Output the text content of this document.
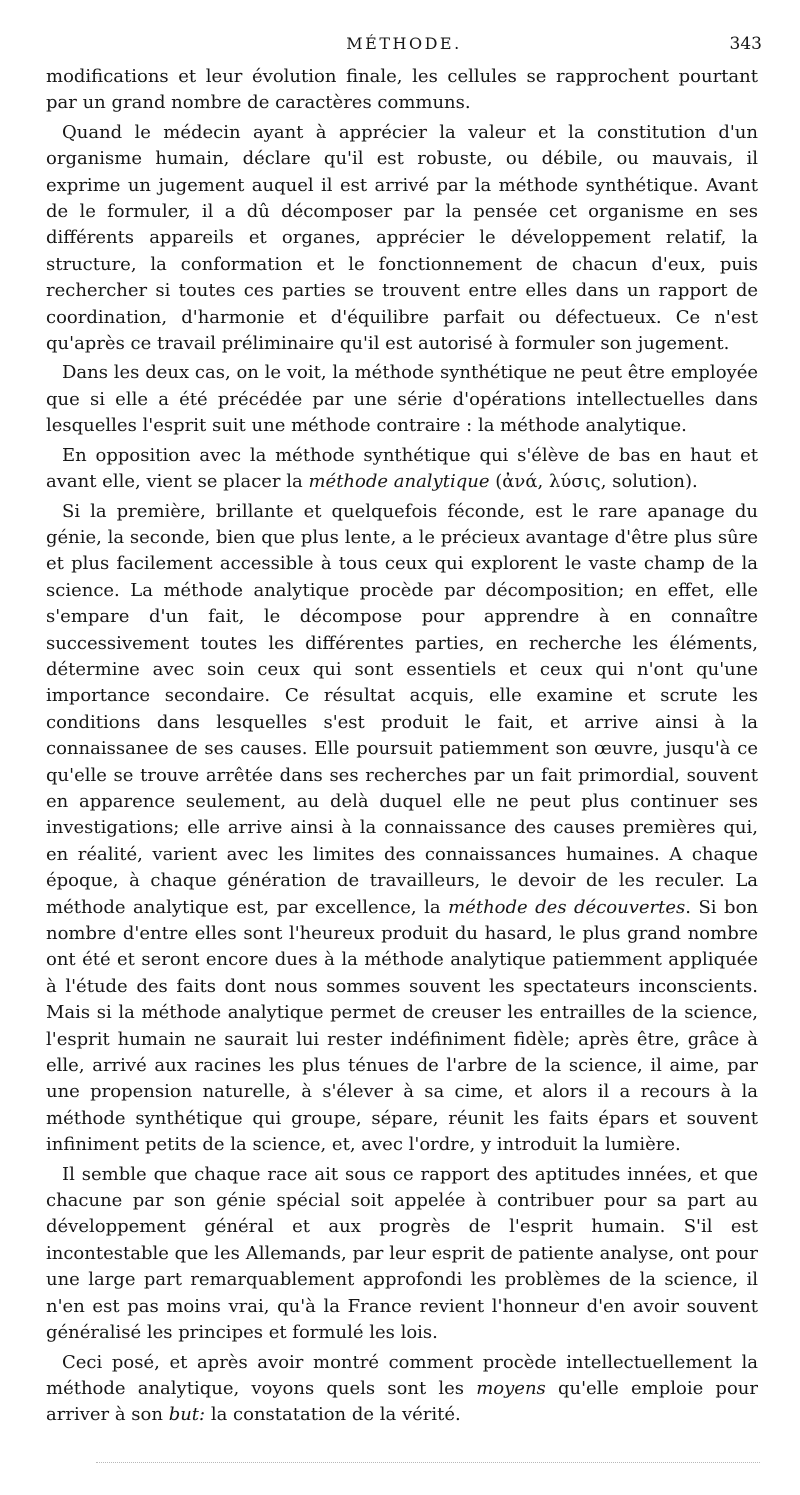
MÉTHODE.	343

modifications et leur évolution finale, les cellules se rapprochent pourtant par un grand nombre de caractères communs.

Quand le médecin ayant à apprécier la valeur et la constitution d'un organisme humain, déclare qu'il est robuste, ou débile, ou mauvais, il exprime un jugement auquel il est arrivé par la méthode synthétique. Avant de le formuler, il a dû décomposer par la pensée cet organisme en ses différents appareils et organes, apprécier le développement relatif, la structure, la conformation et le fonctionnement de chacun d'eux, puis rechercher si toutes ces parties se trouvent entre elles dans un rapport de coordination, d'harmonie et d'équilibre parfait ou défectueux. Ce n'est qu'après ce travail préliminaire qu'il est autorisé à formuler son jugement.

Dans les deux cas, on le voit, la méthode synthétique ne peut être employée que si elle a été précédée par une série d'opérations intellectuelles dans lesquelles l'esprit suit une méthode contraire : la méthode analytique.

En opposition avec la méthode synthétique qui s'élève de bas en haut et avant elle, vient se placer la méthode analytique (ἀνά, λύσις, solution).

Si la première, brillante et quelquefois féconde, est le rare apanage du génie, la seconde, bien que plus lente, a le précieux avantage d'être plus sûre et plus facilement accessible à tous ceux qui explorent le vaste champ de la science. La méthode analytique procède par décomposition; en effet, elle s'empare d'un fait, le décompose pour apprendre à en connaître successivement toutes les différentes parties, en recherche les éléments, détermine avec soin ceux qui sont essentiels et ceux qui n'ont qu'une importance secondaire. Ce résultat acquis, elle examine et scrute les conditions dans lesquelles s'est produit le fait, et arrive ainsi à la connaissanee de ses causes. Elle poursuit patiemment son œuvre, jusqu'à ce qu'elle se trouve arrêtée dans ses recherches par un fait primordial, souvent en apparence seulement, au delà duquel elle ne peut plus continuer ses investigations; elle arrive ainsi à la connaissance des causes premières qui, en réalité, varient avec les limites des connaissances humaines. A chaque époque, à chaque génération de travailleurs, le devoir de les reculer. La méthode analytique est, par excellence, la méthode des découvertes. Si bon nombre d'entre elles sont l'heureux produit du hasard, le plus grand nombre ont été et seront encore dues à la méthode analytique patiemment appliquée à l'étude des faits dont nous sommes souvent les spectateurs inconscients. Mais si la méthode analytique permet de creuser les entrailles de la science, l'esprit humain ne saurait lui rester indéfiniment fidèle; après être, grâce à elle, arrivé aux racines les plus ténues de l'arbre de la science, il aime, par une propension naturelle, à s'élever à sa cime, et alors il a recours à la méthode synthétique qui groupe, sépare, réunit les faits épars et souvent infiniment petits de la science, et, avec l'ordre, y introduit la lumière.

Il semble que chaque race ait sous ce rapport des aptitudes innées, et que chacune par son génie spécial soit appelée à contribuer pour sa part au développement général et aux progrès de l'esprit humain. S'il est incontestable que les Allemands, par leur esprit de patiente analyse, ont pour une large part remarquablement approfondi les problèmes de la science, il n'en est pas moins vrai, qu'à la France revient l'honneur d'en avoir souvent généralisé les principes et formulé les lois.

Ceci posé, et après avoir montré comment procède intellectuellement la méthode analytique, voyons quels sont les moyens qu'elle emploie pour arriver à son but: la constatation de la vérité.
